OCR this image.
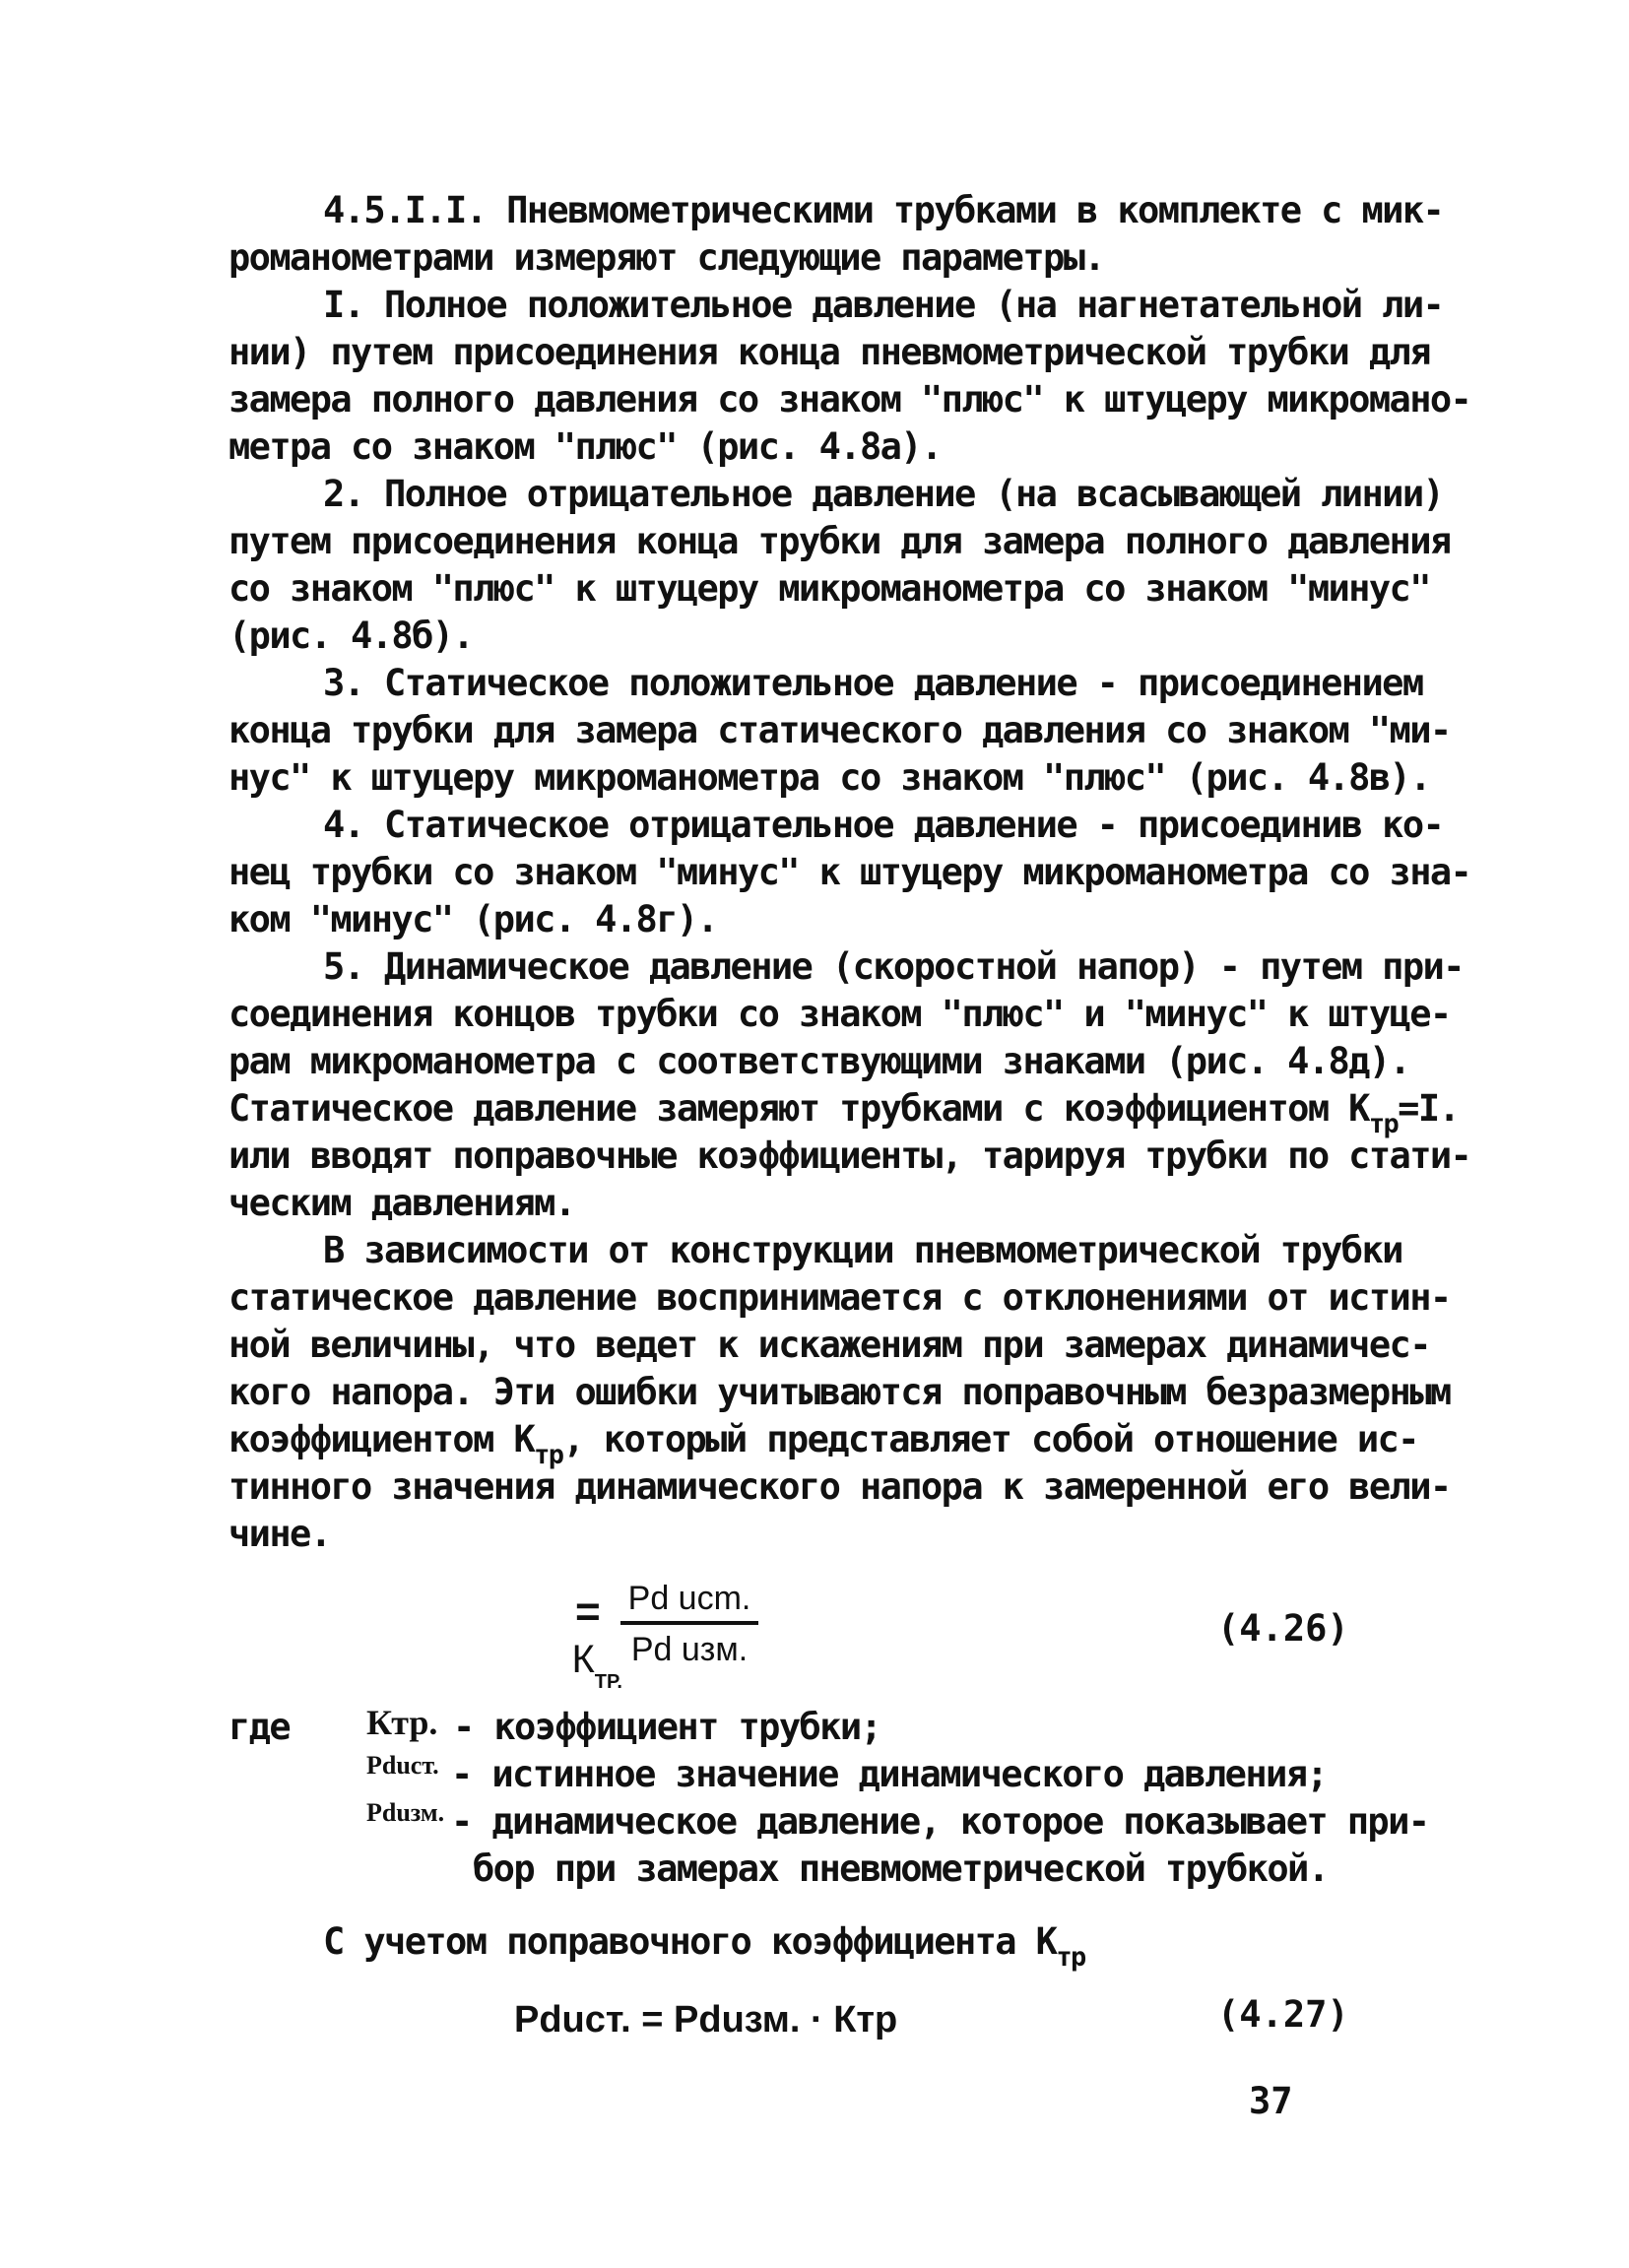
4.5.I.I. Пневмометрическими трубками в комплекте с мик-
романометрами измеряют следующие параметры.
I. Полное положительное давление (на нагнетательной ли-
нии) путем присоединения конца пневмометрической трубки для
замера полного давления со знаком "плюс" к штуцеру микромано-
метра со знаком "плюс" (рис. 4.8а).
2. Полное отрицательное давление (на всасывающей линии)
путем присоединения конца трубки для замера полного давления
со знаком "плюс" к штуцеру микроманометра со знаком "минус"
(рис. 4.8б).
3. Статическое положительное давление - присоединением
конца трубки для замера статического давления со знаком "ми-
нус" к штуцеру микроманометра со знаком "плюс" (рис. 4.8в).
4. Статическое отрицательное давление - присоединив ко-
нец трубки со знаком "минус" к штуцеру микроманометра со зна-
ком "минус" (рис. 4.8г).
5. Динамическое давление (скоростной напор) - путем при-
соединения концов трубки со знаком "плюс" и "минус" к штуце-
рам микроманометра с соответствующими знаками (рис. 4.8д).
Статическое давление замеряют трубками с коэффициентом $К_{тр}=I$.
или вводят поправочные коэффициенты, тарируя трубки по стати-
ческим давлениям.
В зависимости от конструкции пневмометрической трубки
статическое давление воспринимается с отклонениями от истин-
ной величины, что ведет к искажениям при замерах динамичес-
кого напора. Эти ошибки учитываются поправочным безразмерным
коэффициентом $К_{тр}$, который представляет собой отношение ис-
тинного значения динамического напора к замеренной его вели-
чине.

$К_{ТР.}$

= Pd uсm.
Pd uзм.	(4.26)
где Ктр. - коэффициент трубки;
Pduст. - истинное значение динамического давления;
Pduзм. - динамическое давление, которое показывает при-
бор при замерах пневмометрической трубкой.
С учетом поправочного коэффициента $К_{тр}$
Pduст. = Pduзм. · Ктр	(4.27)
37
